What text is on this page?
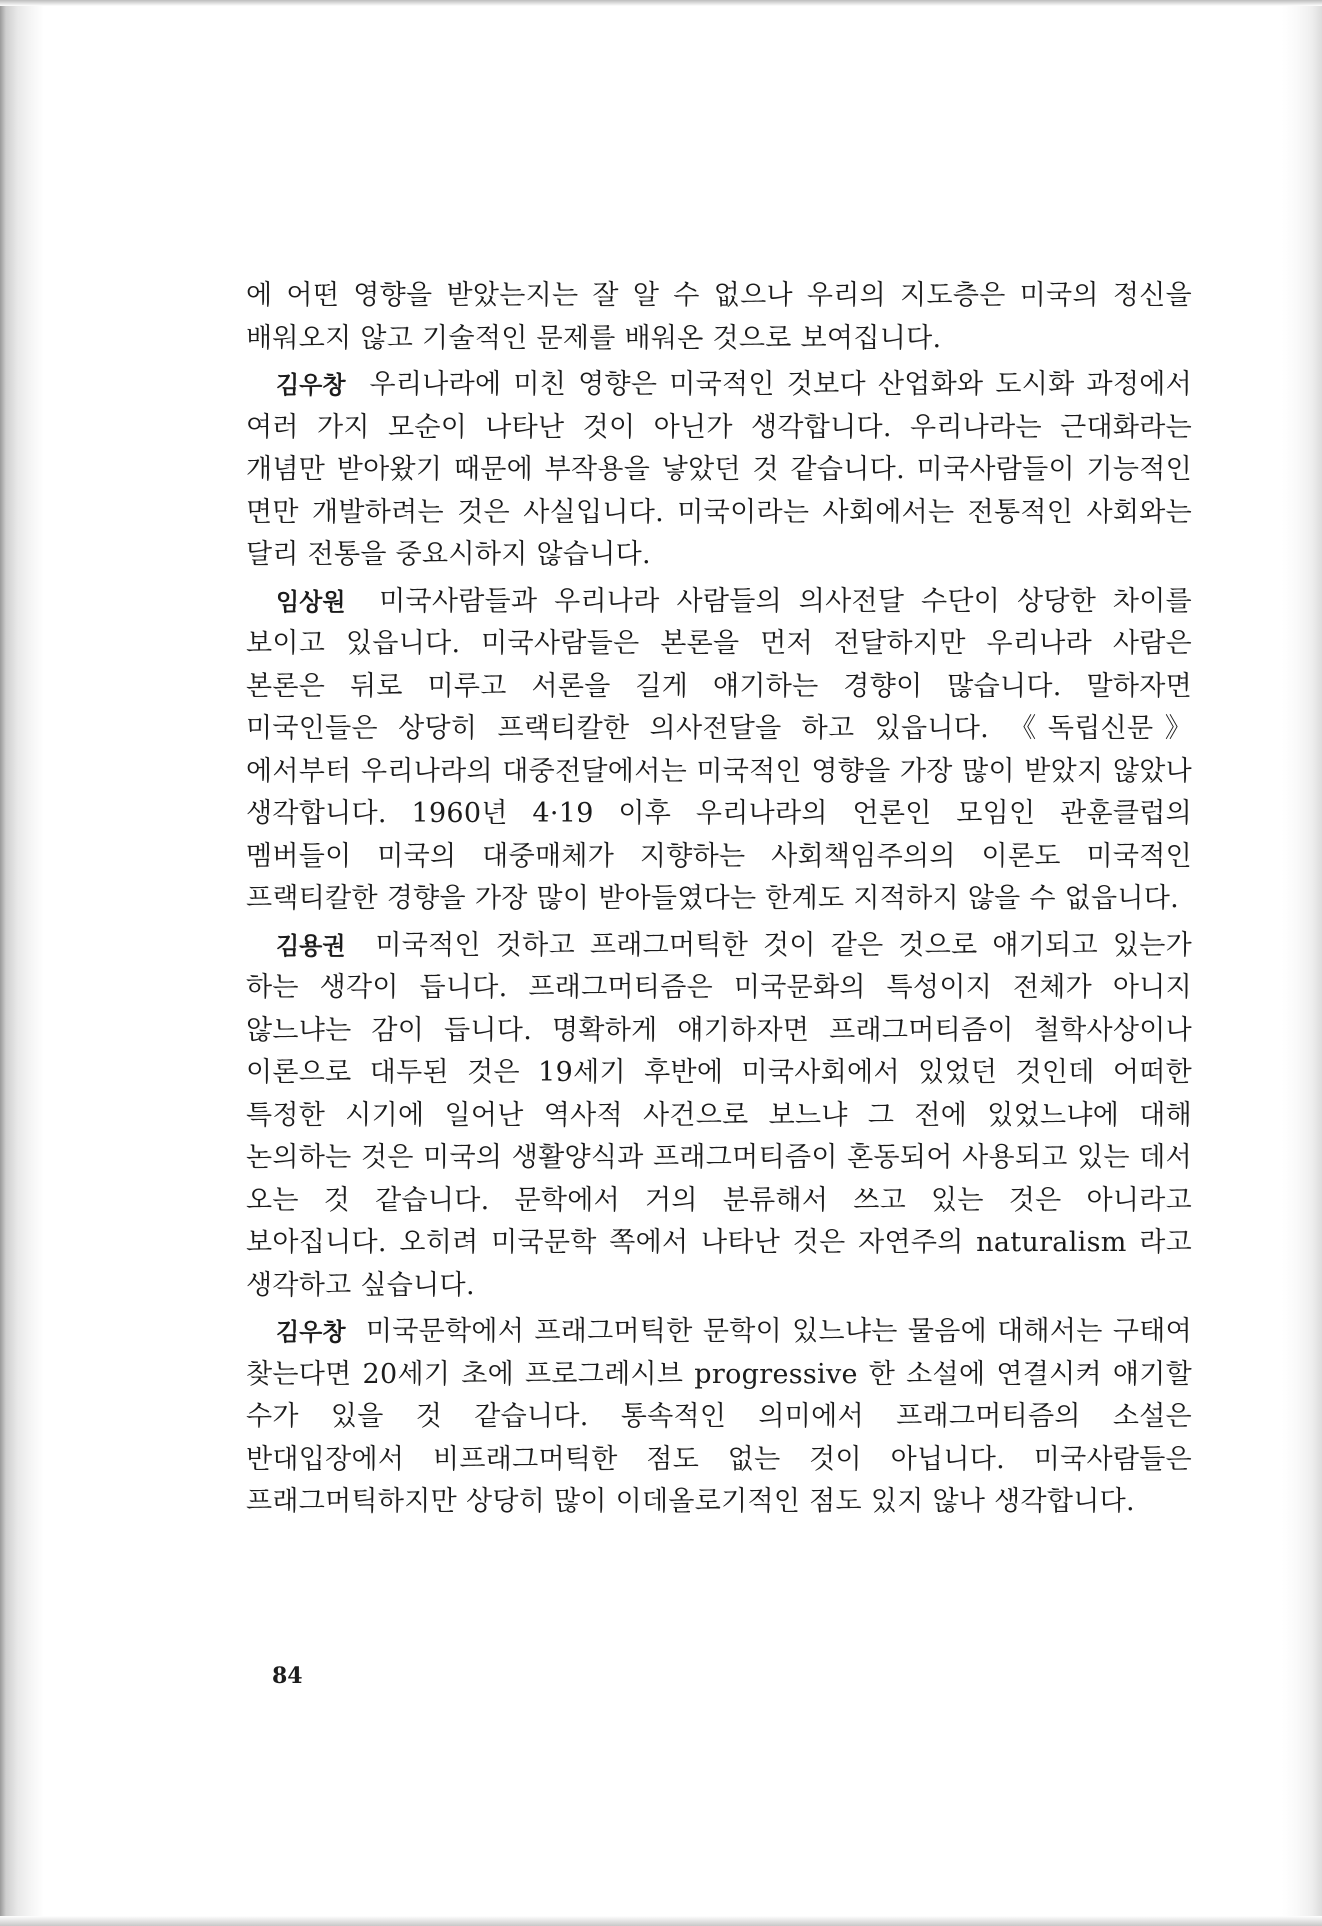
에 어떤 영향을 받았는지는 잘 알 수 없으나 우리의 지도층은 미국의 정신을 배워오지 않고 기술적인 문제를 배워온 것으로 보여집니다.

김우창 우리나라에 미친 영향은 미국적인 것보다 산업화와 도시화 과정에서 여러 가지 모순이 나타난 것이 아닌가 생각합니다. 우리나라는 근대화라는 개념만 받아왔기 때문에 부작용을 낳았던 것 같습니다. 미국사람들이 기능적인 면만 개발하려는 것은 사실입니다. 미국이라는 사회에서는 전통적인 사회와는 달리 전통을 중요시하지 않습니다.

임상원 미국사람들과 우리나라 사람들의 의사전달 수단이 상당한 차이를 보이고 있읍니다. 미국사람들은 본론을 먼저 전달하지만 우리나라 사람은 본론은 뒤로 미루고 서론을 길게 얘기하는 경향이 많습니다. 말하자면 미국인들은 상당히 프랙티칼한 의사전달을 하고 있읍니다. 《독립신문》에서부터 우리나라의 대중전달에서는 미국적인 영향을 가장 많이 받았지 않았나 생각합니다. 1960년 4·19 이후 우리나라의 언론인 모임인 관훈클럽의 멤버들이 미국의 대중매체가 지향하는 사회책임주의의 이론도 미국적인 프랙티칼한 경향을 가장 많이 받아들였다는 한계도 지적하지 않을 수 없읍니다.

김용권 미국적인 것하고 프래그머틱한 것이 같은 것으로 얘기되고 있는가 하는 생각이 듭니다. 프래그머티즘은 미국문화의 특성이지 전체가 아니지 않느냐는 감이 듭니다. 명확하게 얘기하자면 프래그머티즘이 철학사상이나 이론으로 대두된 것은 19세기 후반에 미국사회에서 있었던 것인데 어떠한 특정한 시기에 일어난 역사적 사건으로 보느냐 그 전에 있었느냐에 대해 논의하는 것은 미국의 생활양식과 프래그머티즘이 혼동되어 사용되고 있는 데서 오는 것 같습니다. 문학에서 거의 분류해서 쓰고 있는 것은 아니라고 보아집니다. 오히려 미국문학 쪽에서 나타난 것은 자연주의 naturalism 라고 생각하고 싶습니다.

김우창 미국문학에서 프래그머틱한 문학이 있느냐는 물음에 대해서는 구태여 찾는다면 20세기 초에 프로그레시브 progressive 한 소설에 연결시켜 얘기할 수가 있을 것 같습니다. 통속적인 의미에서 프래그머티즘의 소설은 반대입장에서 비프래그머틱한 점도 없는 것이 아닙니다. 미국사람들은 프래그머틱하지만 상당히 많이 이데올로기적인 점도 있지 않나 생각합니다.

84
